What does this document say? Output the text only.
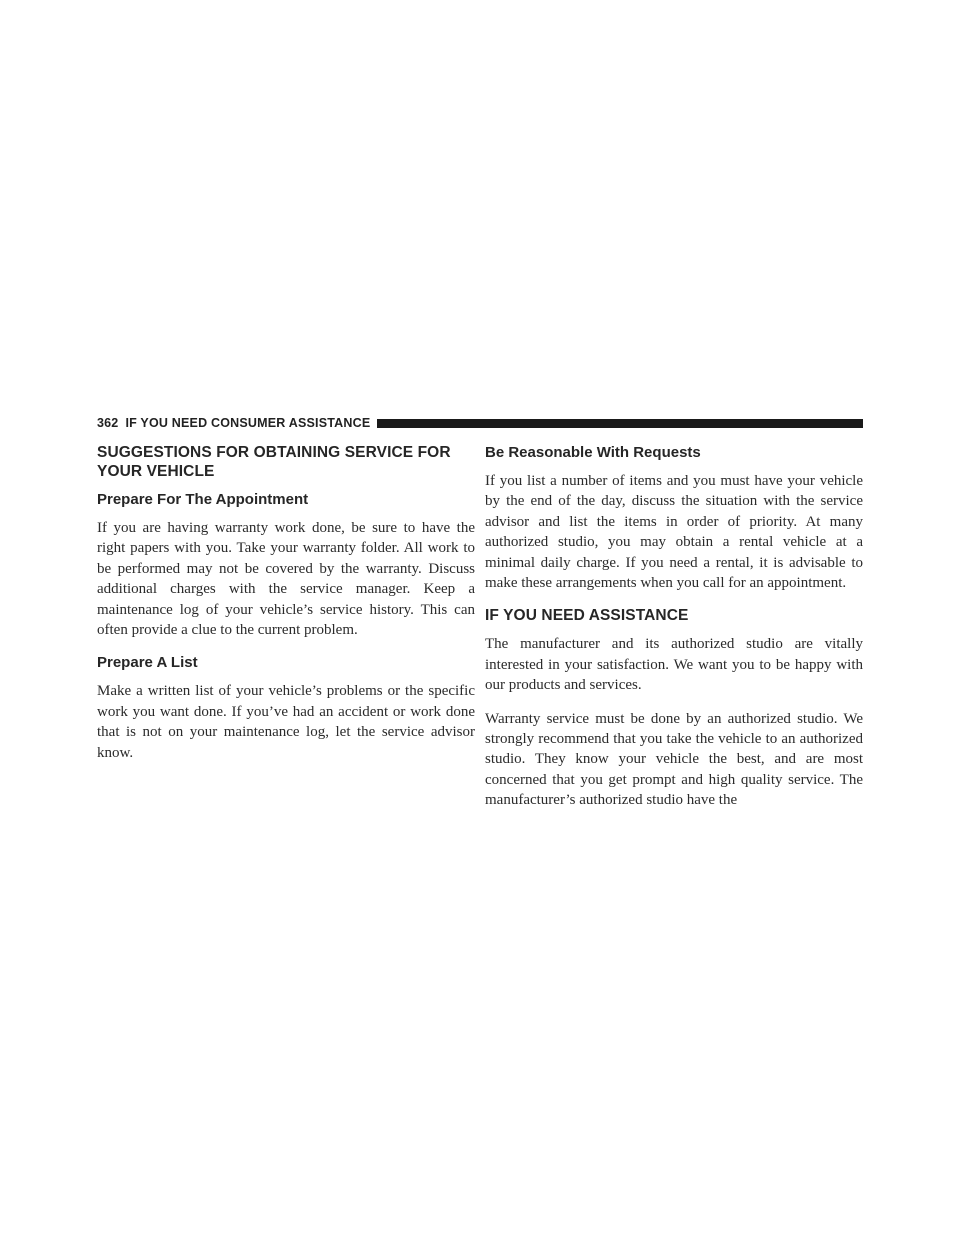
362 IF YOU NEED CONSUMER ASSISTANCE
SUGGESTIONS FOR OBTAINING SERVICE FOR YOUR VEHICLE
Prepare For The Appointment

If you are having warranty work done, be sure to have the right papers with you. Take your warranty folder. All work to be performed may not be covered by the warranty. Discuss additional charges with the service manager. Keep a maintenance log of your vehicle’s service history. This can often provide a clue to the current problem.

Prepare A List

Make a written list of your vehicle’s problems or the specific work you want done. If you’ve had an accident or work done that is not on your maintenance log, let the service advisor know.

Be Reasonable With Requests

If you list a number of items and you must have your vehicle by the end of the day, discuss the situation with the service advisor and list the items in order of priority. At many authorized studio, you may obtain a rental vehicle at a minimal daily charge. If you need a rental, it is advisable to make these arrangements when you call for an appointment.

IF YOU NEED ASSISTANCE

The manufacturer and its authorized studio are vitally interested in your satisfaction. We want you to be happy with our products and services.

Warranty service must be done by an authorized studio. We strongly recommend that you take the vehicle to an authorized studio. They know your vehicle the best, and are most concerned that you get prompt and high quality service. The manufacturer’s authorized studio have the
